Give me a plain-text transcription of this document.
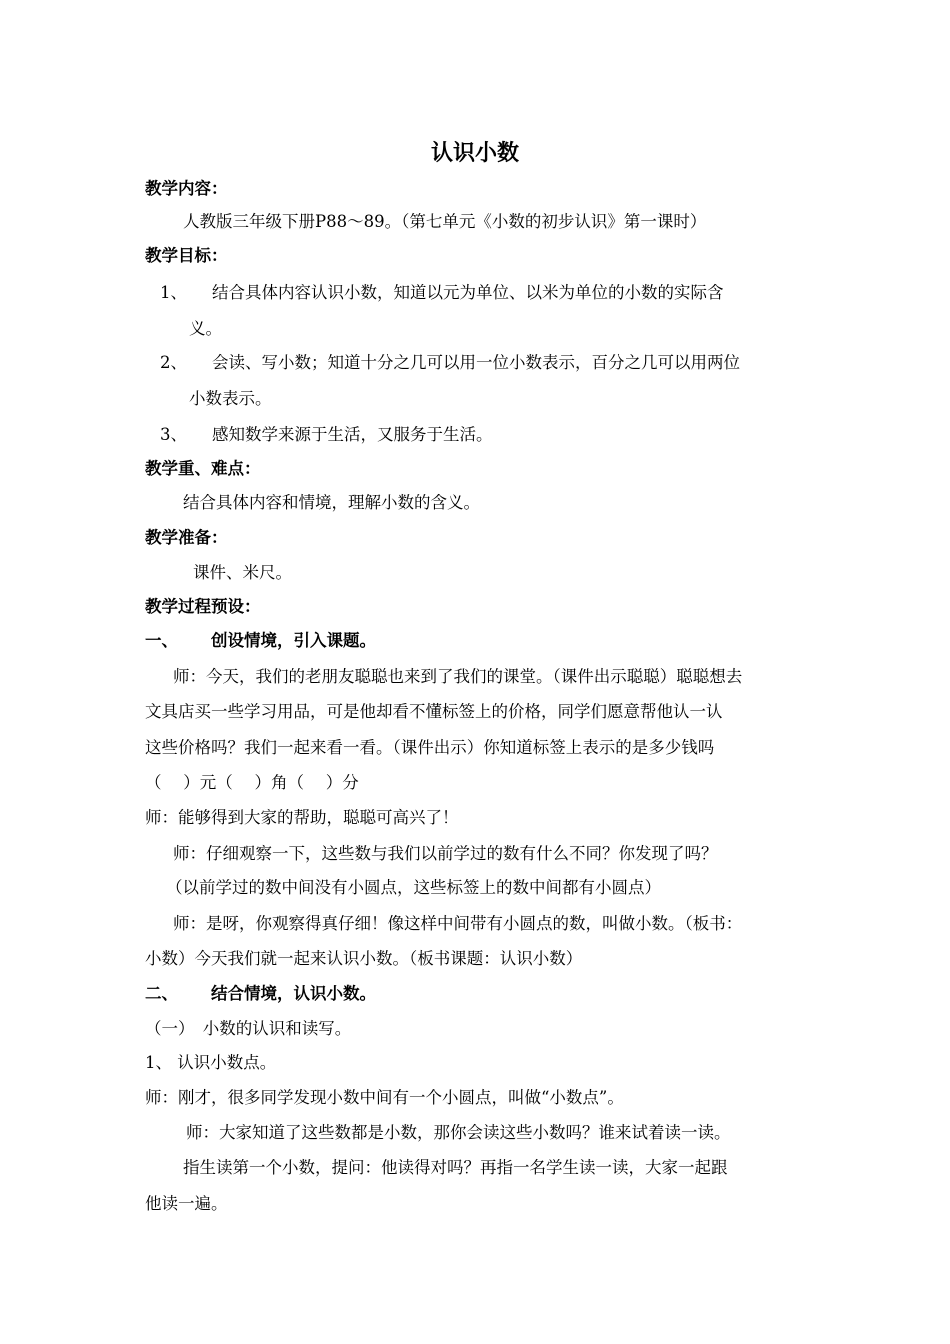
认识小数
教学内容：
人教版三年级下册P88～89。（第七单元《小数的初步认识》第一课时）
教学目标：
1、 结合具体内容认识小数，知道以元为单位、以米为单位的小数的实际含
义。
2、 会读、写小数；知道十分之几可以用一位小数表示，百分之几可以用两位
小数表示。
3、 感知数学来源于生活，又服务于生活。
教学重、难点：
结合具体内容和情境，理解小数的含义。
教学准备：
课件、米尺。
教学过程预设：
一、 创设情境，引入课题。
师：今天，我们的老朋友聪聪也来到了我们的课堂。（课件出示聪聪）聪聪想去
文具店买一些学习用品，可是他却看不懂标签上的价格，同学们愿意帮他认一认
这些价格吗？我们一起来看一看。（课件出示）你知道标签上表示的是多少钱吗
（　 ）元（　 ）角（　 ）分
师：能够得到大家的帮助，聪聪可高兴了！
师：仔细观察一下，这些数与我们以前学过的数有什么不同？你发现了吗？
（以前学过的数中间没有小圆点，这些标签上的数中间都有小圆点）
师：是呀，你观察得真仔细！像这样中间带有小圆点的数，叫做小数。（板书：
小数）今天我们就一起来认识小数。（板书课题：认识小数）
二、 结合情境，认识小数。
（一）　小数的认识和读写。
1、 认识小数点。
师：刚才，很多同学发现小数中间有一个小圆点，叫做“小数点”。
师：大家知道了这些数都是小数，那你会读这些小数吗？谁来试着读一读。
指生读第一个小数，提问：他读得对吗？再指一名学生读一读，大家一起跟
他读一遍。
